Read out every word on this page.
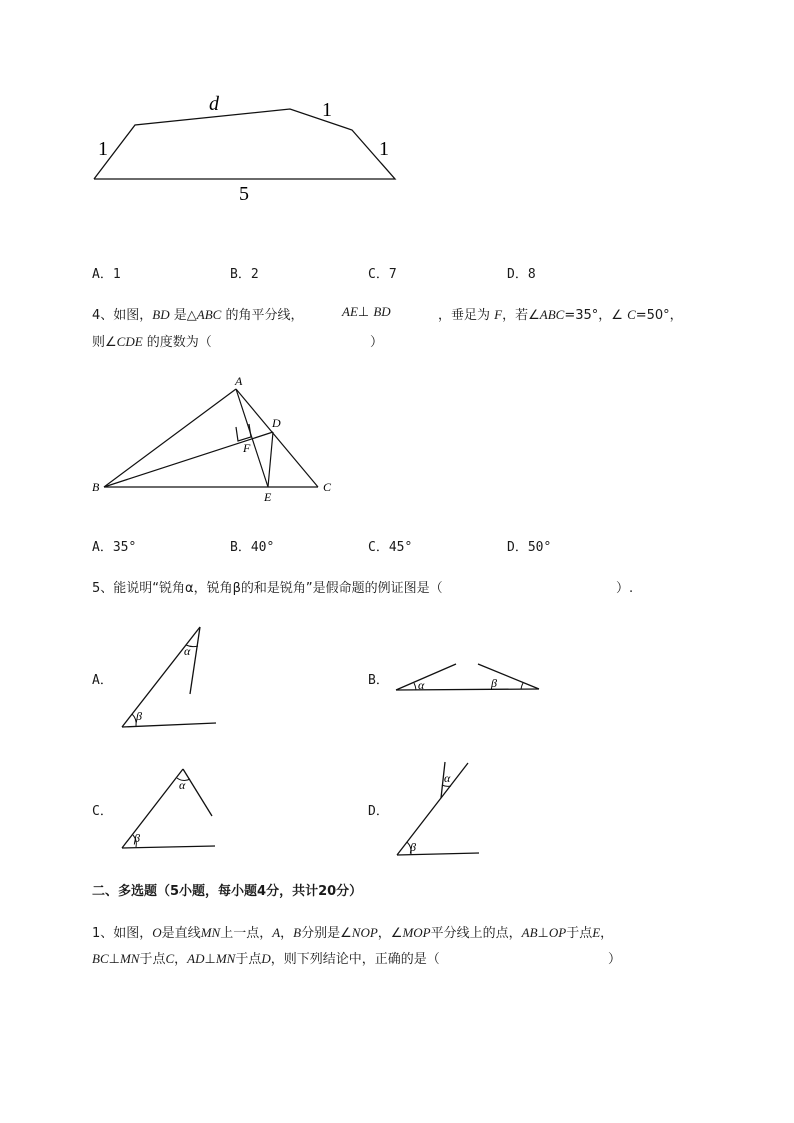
d	1
1	1
5
A．1	B．2	C．7	D．8
4、如图，BD 是△ABC 的角平分线，	AE⊥ BD	，垂足为 F，若∠ABC=35°，∠ C=50°，
则∠CDE 的度数为（	）
A
B	C
D
E
F
A．35°	B．40°	C．45°	D．50°
5、能说明“锐角α，锐角β的和是锐角”是假命题的例证图是（	）.
A．	B．
C．	D．
α
β
α	β
α
β
α
β
二、多选题（5小题，每小题4分，共计20分）
1、如图，O是直线MN上一点，A，B分别是∠NOP，∠MOP平分线上的点，AB⊥OP于点E，
BC⊥MN于点C，AD⊥MN于点D，则下列结论中，正确的是（	）
